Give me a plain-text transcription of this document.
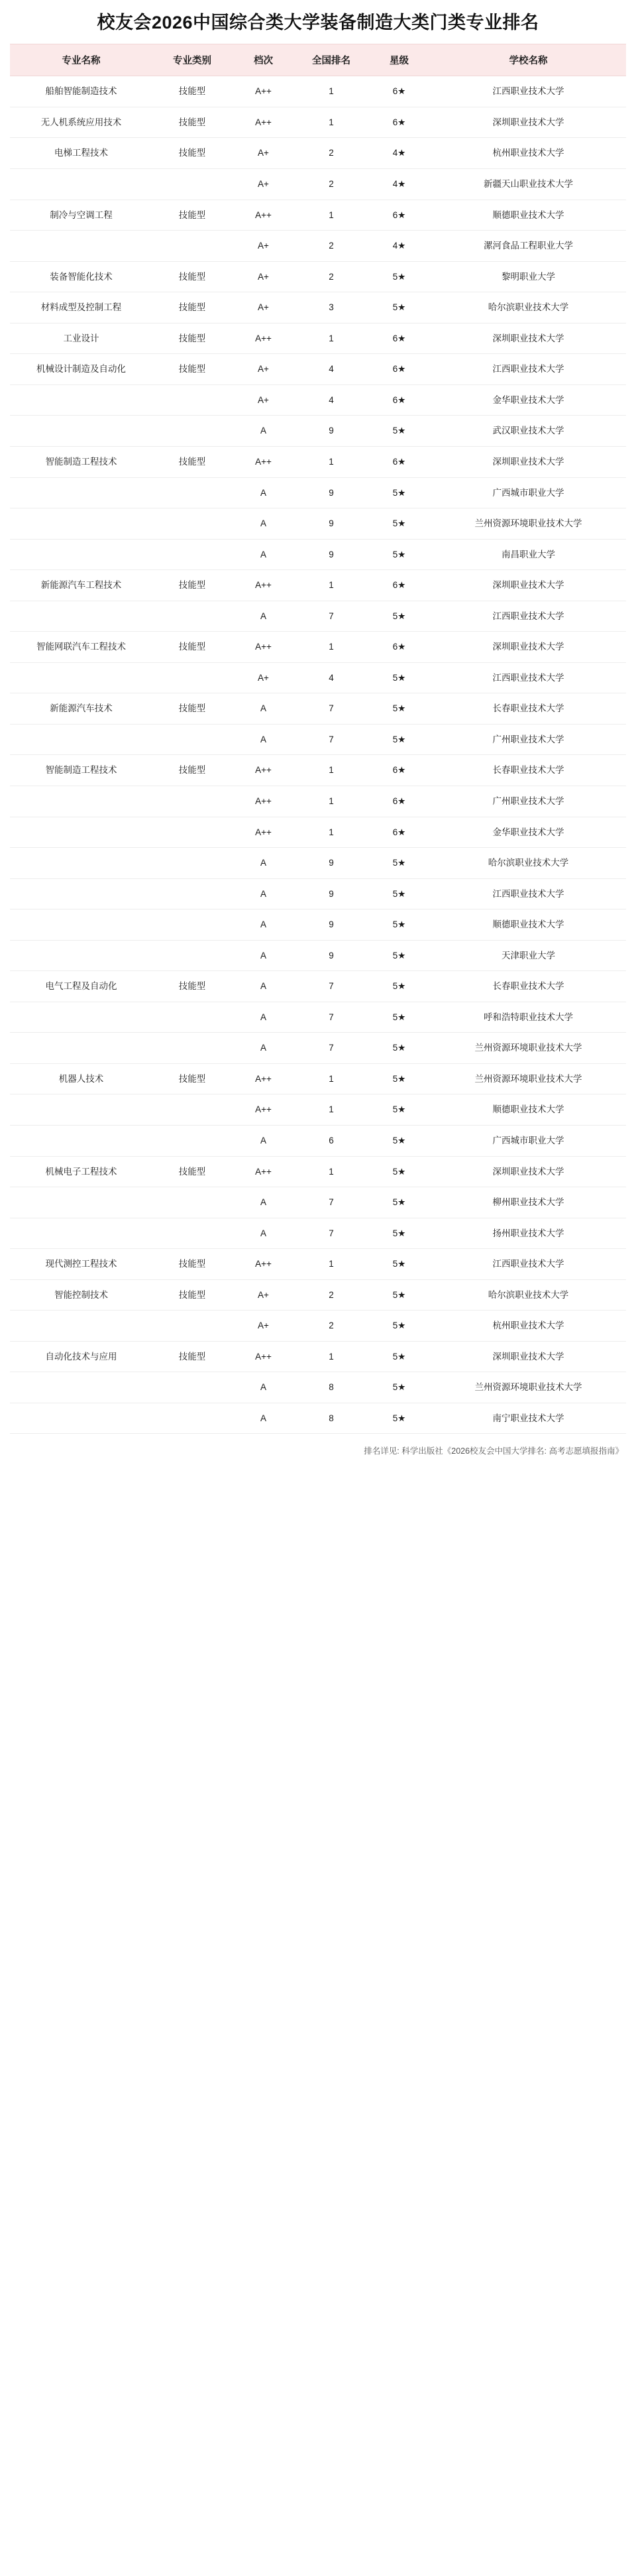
校友会2026中国综合类大学装备制造大类门类专业排名
专业名称	专业类别	档次	全国排名	星级	学校名称
船舶智能制造技术	技能型	A++	1	6★	江西职业技术大学
无人机系统应用技术	技能型	A++	1	6★	深圳职业技术大学
电梯工程技术	技能型	A+	2	4★	杭州职业技术大学
		A+	2	4★	新疆天山职业技术大学
制冷与空调工程	技能型	A++	1	6★	顺德职业技术大学
		A+	2	4★	漯河食品工程职业大学
装备智能化技术	技能型	A+	2	5★	黎明职业大学
材料成型及控制工程	技能型	A+	3	5★	哈尔滨职业技术大学
工业设计	技能型	A++	1	6★	深圳职业技术大学
机械设计制造及自动化	技能型	A+	4	6★	江西职业技术大学
		A+	4	6★	金华职业技术大学
		A	9	5★	武汉职业技术大学
智能制造工程技术	技能型	A++	1	6★	深圳职业技术大学
		A	9	5★	广西城市职业大学
		A	9	5★	兰州资源环境职业技术大学
		A	9	5★	南昌职业大学
新能源汽车工程技术	技能型	A++	1	6★	深圳职业技术大学
		A	7	5★	江西职业技术大学
智能网联汽车工程技术	技能型	A++	1	6★	深圳职业技术大学
		A+	4	5★	江西职业技术大学
新能源汽车技术	技能型	A	7	5★	长春职业技术大学
		A	7	5★	广州职业技术大学
智能制造工程技术	技能型	A++	1	6★	长春职业技术大学
		A++	1	6★	广州职业技术大学
		A++	1	6★	金华职业技术大学
		A	9	5★	哈尔滨职业技术大学
		A	9	5★	江西职业技术大学
		A	9	5★	顺德职业技术大学
		A	9	5★	天津职业大学
电气工程及自动化	技能型	A	7	5★	长春职业技术大学
		A	7	5★	呼和浩特职业技术大学
		A	7	5★	兰州资源环境职业技术大学
机器人技术	技能型	A++	1	5★	兰州资源环境职业技术大学
		A++	1	5★	顺德职业技术大学
		A	6	5★	广西城市职业大学
机械电子工程技术	技能型	A++	1	5★	深圳职业技术大学
		A	7	5★	柳州职业技术大学
		A	7	5★	扬州职业技术大学
现代测控工程技术	技能型	A++	1	5★	江西职业技术大学
智能控制技术	技能型	A+	2	5★	哈尔滨职业技术大学
		A+	2	5★	杭州职业技术大学
自动化技术与应用	技能型	A++	1	5★	深圳职业技术大学
		A	8	5★	兰州资源环境职业技术大学
		A	8	5★	南宁职业技术大学
排名详见: 科学出版社《2026校友会中国大学排名: 高考志愿填报指南》
